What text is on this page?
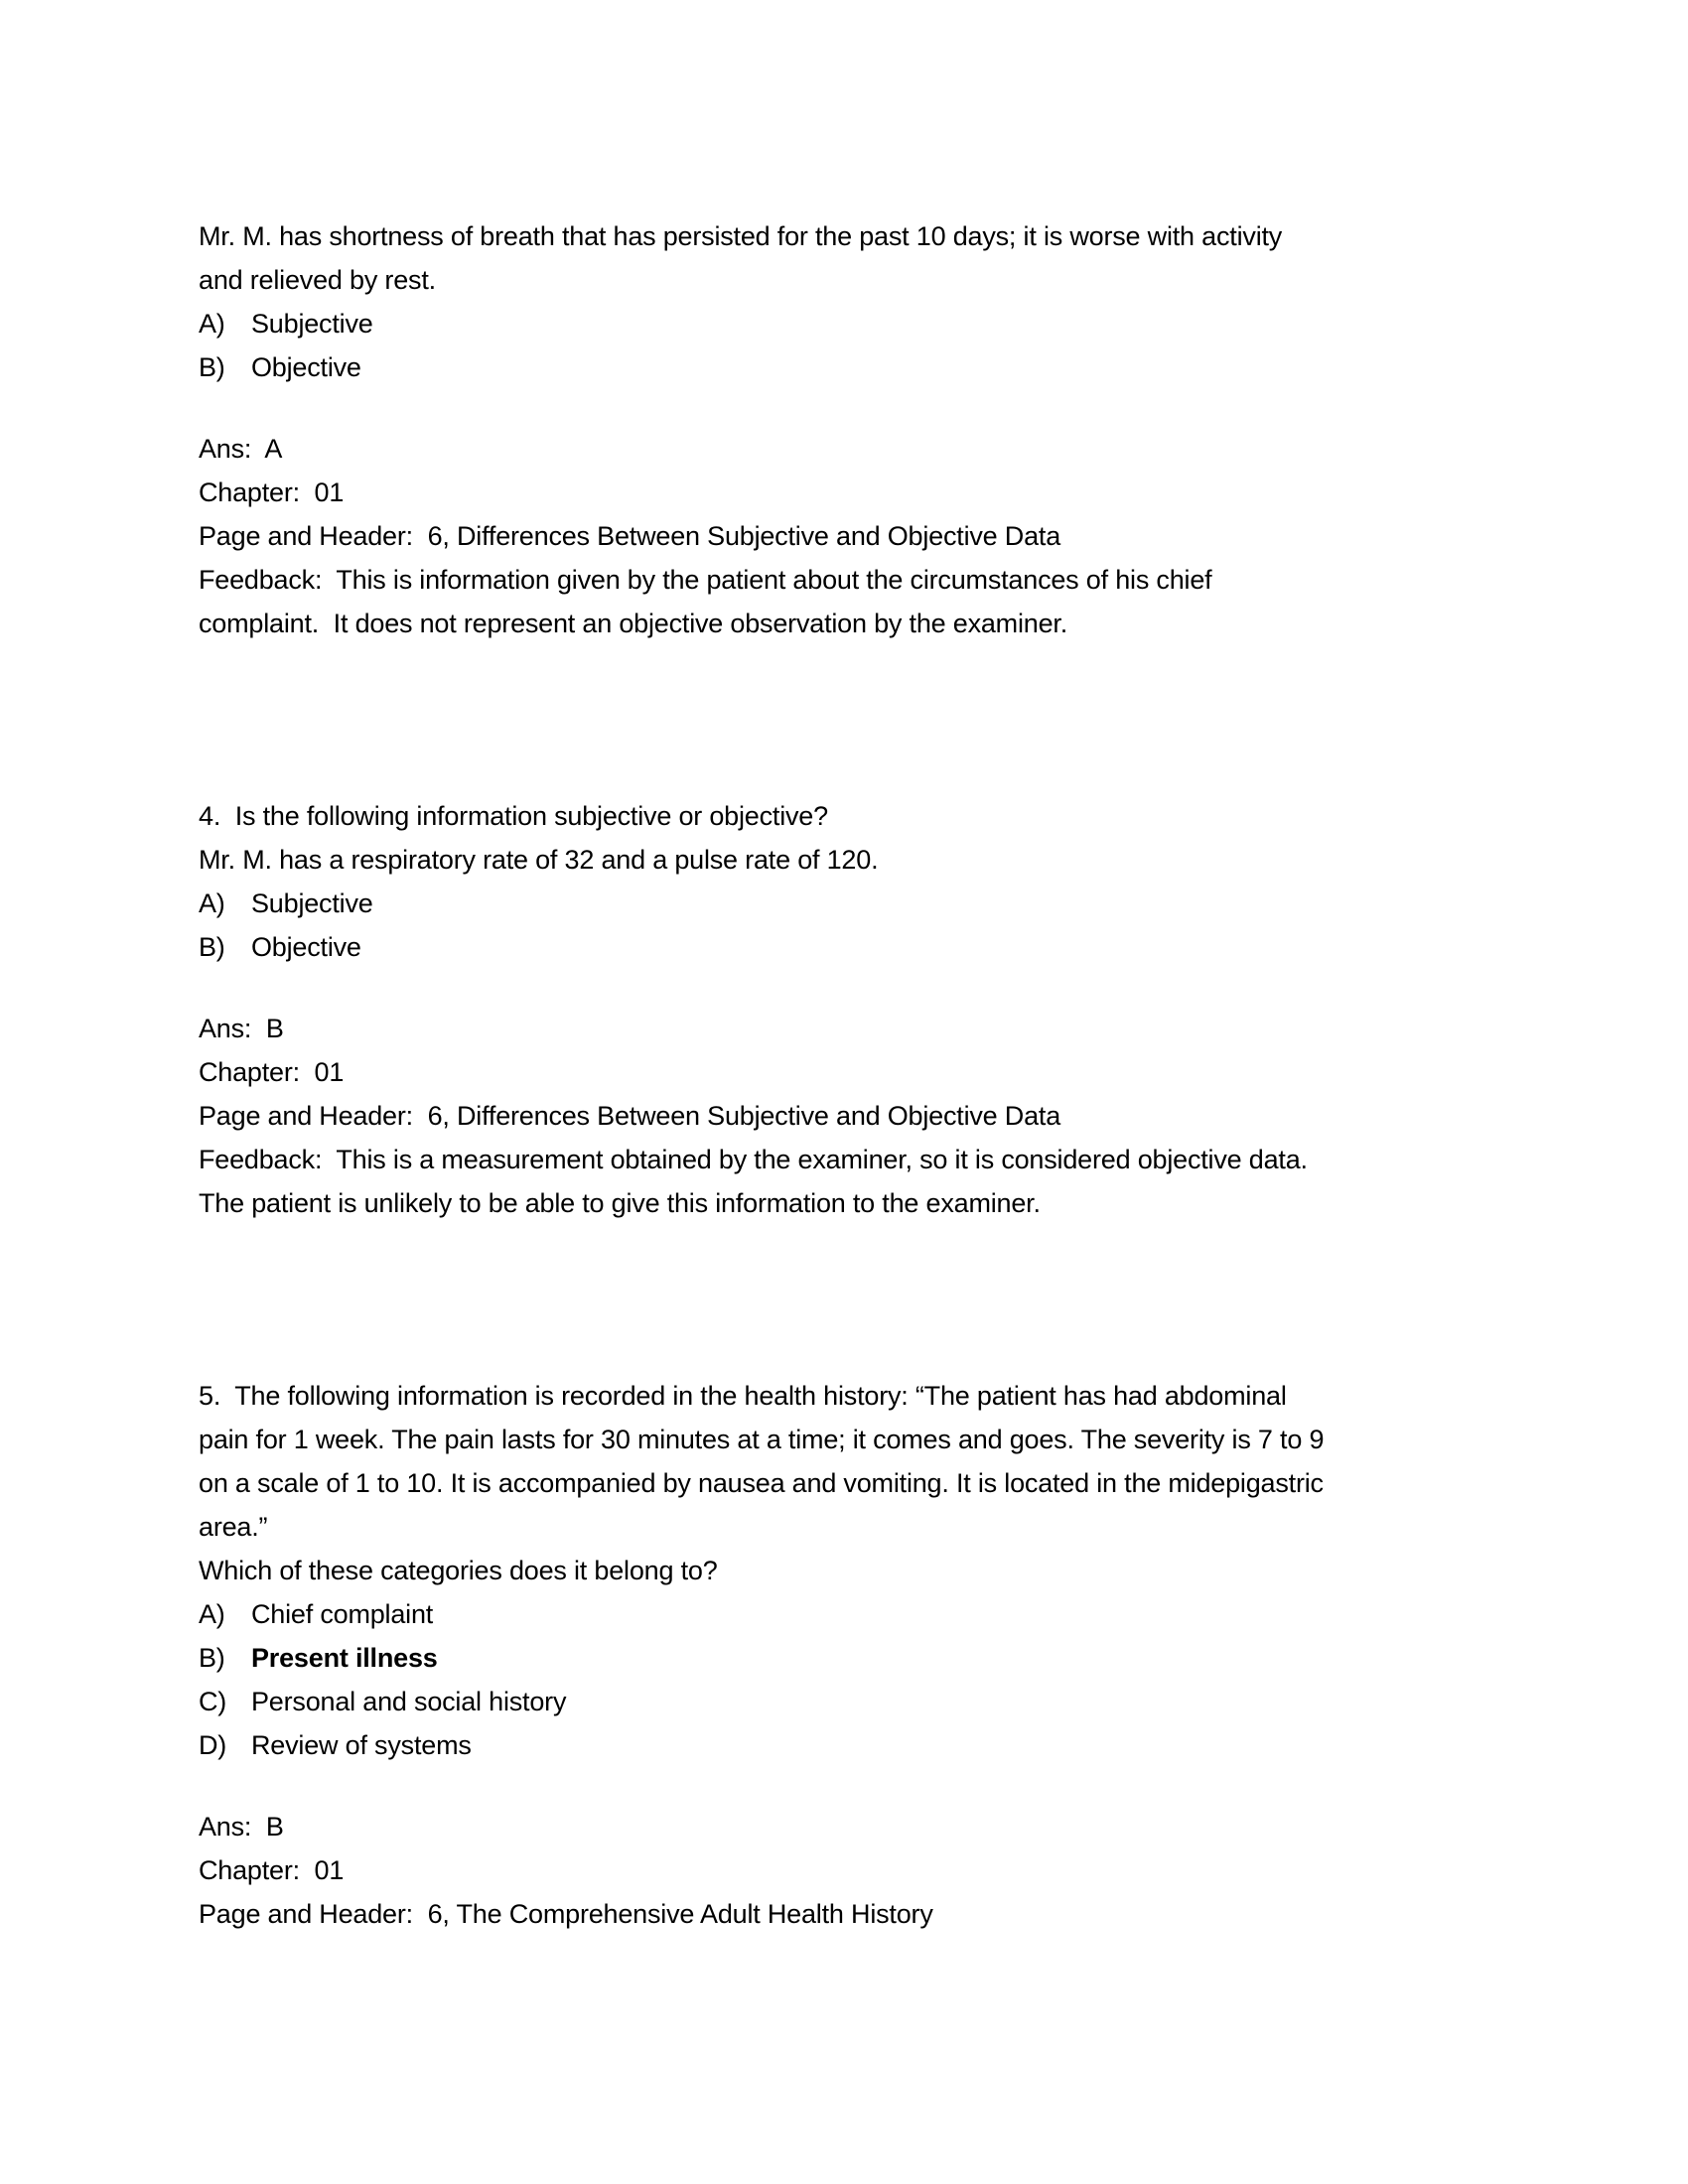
Mr. M. has shortness of breath that has persisted for the past 10 days; it is worse with activity
and relieved by rest.
A) Subjective
B) Objective
Ans:  A
Chapter:  01
Page and Header:  6, Differences Between Subjective and Objective Data
Feedback:  This is information given by the patient about the circumstances of his chief
complaint.  It does not represent an objective observation by the examiner.
4.  Is the following information subjective or objective?
Mr. M. has a respiratory rate of 32 and a pulse rate of 120.
A) Subjective
B) Objective
Ans:  B
Chapter:  01
Page and Header:  6, Differences Between Subjective and Objective Data
Feedback:  This is a measurement obtained by the examiner, so it is considered objective data.
The patient is unlikely to be able to give this information to the examiner.
5.  The following information is recorded in the health history: “The patient has had abdominal
pain for 1 week. The pain lasts for 30 minutes at a time; it comes and goes. The severity is 7 to 9
on a scale of 1 to 10. It is accompanied by nausea and vomiting. It is located in the midepigastric
area.”
Which of these categories does it belong to?
A) Chief complaint
B) Present illness
C) Personal and social history
D) Review of systems
Ans:  B
Chapter:  01
Page and Header:  6, The Comprehensive Adult Health History
